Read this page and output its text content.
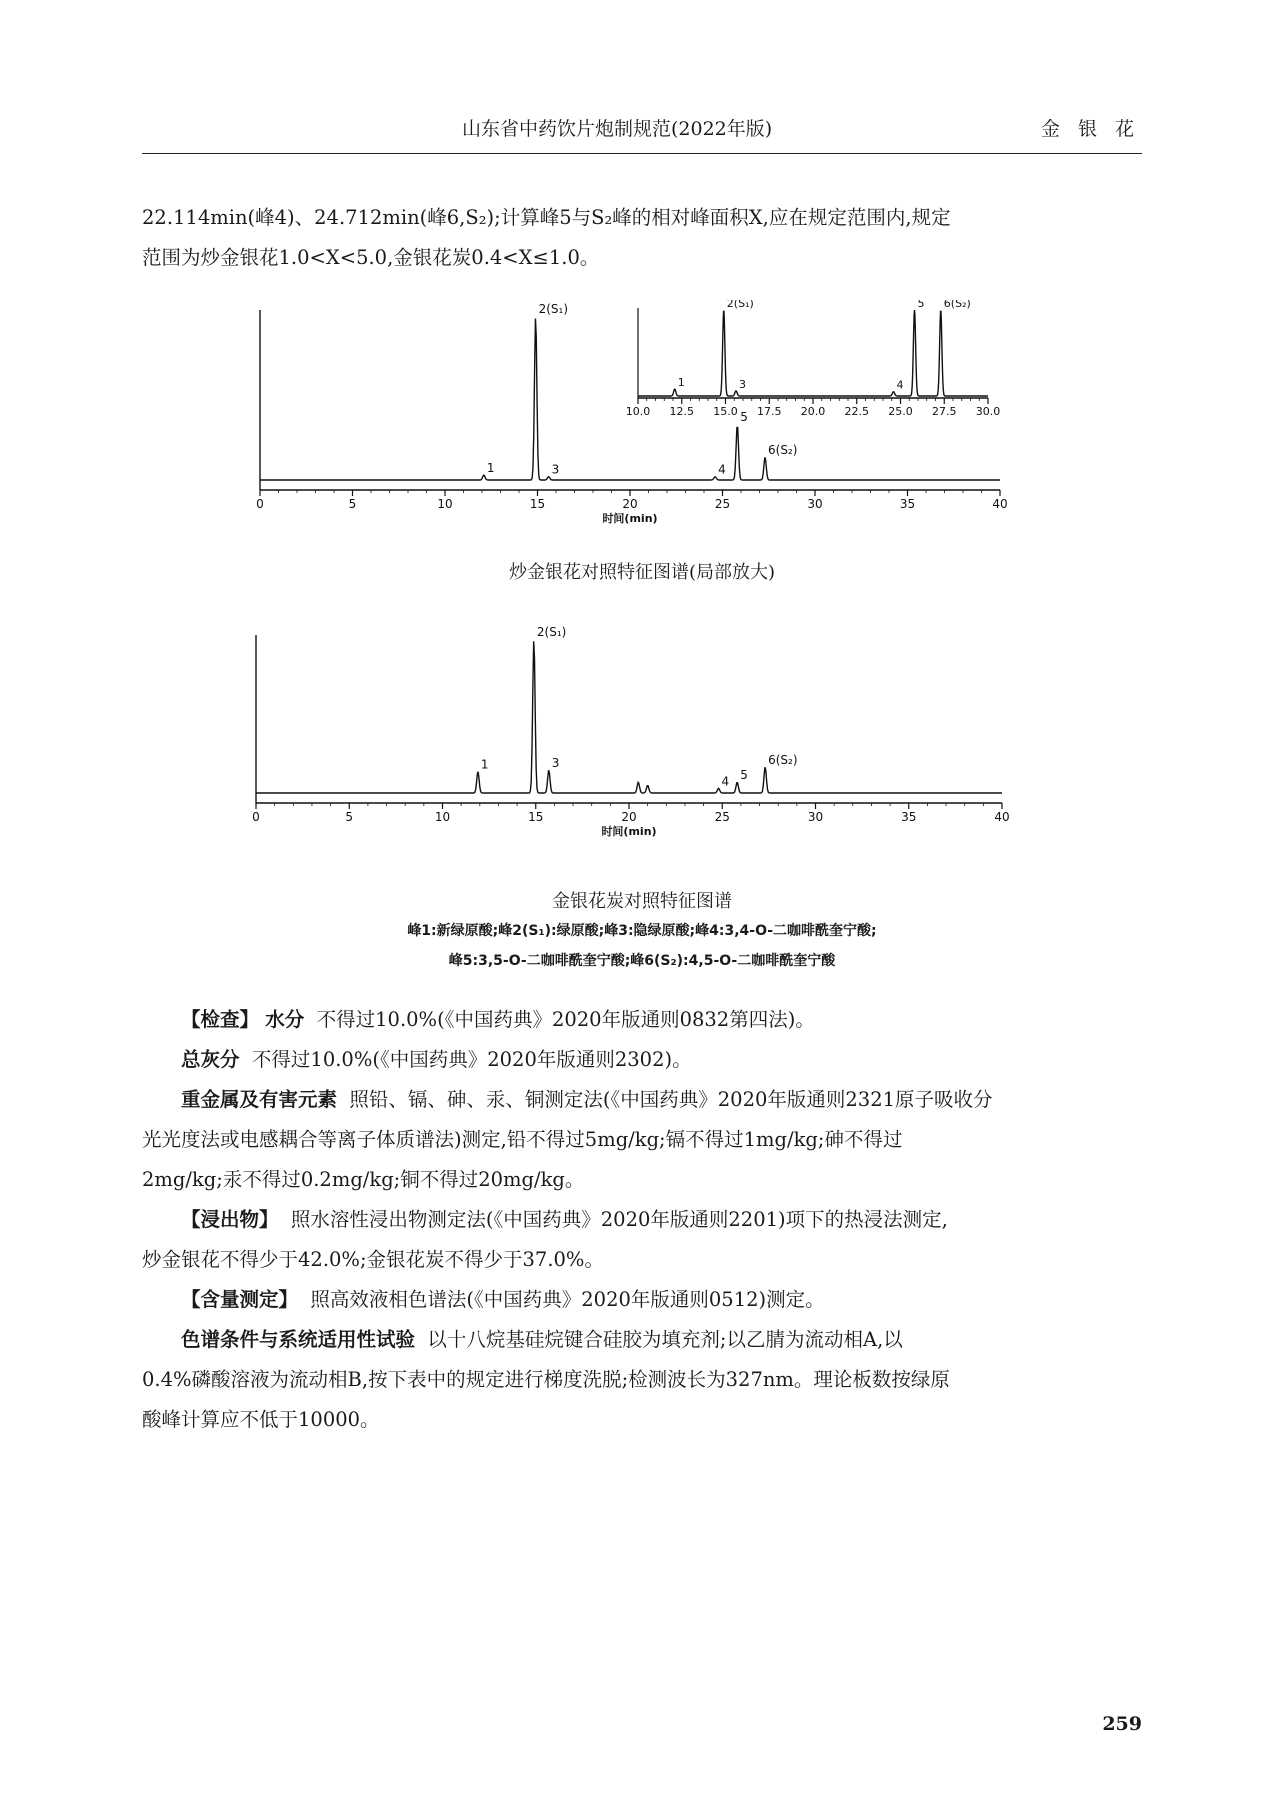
山东省中药饮片炮制规范(2022年版)	金 银 花

22.114min(峰4)、24.712min(峰6,S₂);计算峰5与S₂峰的相对峰面积X,应在规定范围内,规定

范围为炒金银花1.0<X<5.0,金银花炭0.4<X≤1.0。

1
2(S₁)
3	4
5
6(S₂)
0	5	10	15	20	25	30	35	40
时间(min)
1
2(S₁)
3	4
5 6(S₂)
10.0 12.5 15.0 17.5 20.0 22.5 25.0 27.5 30.0
炒金银花对照特征图谱(局部放大)
1
2(S₁)
3
4 5
6(S₂)
0	5	10	15	20	25	30	35	40
时间(min)
金银花炭对照特征图谱
峰1:新绿原酸;峰2(S₁):绿原酸;峰3:隐绿原酸;峰4:3,4-O-二咖啡酰奎宁酸;
峰5:3,5-O-二咖啡酰奎宁酸;峰6(S₂):4,5-O-二咖啡酰奎宁酸

【检查】 水分 不得过10.0%(《中国药典》2020年版通则0832第四法)。

总灰分 不得过10.0%(《中国药典》2020年版通则2302)。

重金属及有害元素 照铅、镉、砷、汞、铜测定法(《中国药典》2020年版通则2321原子吸收分

光光度法或电感耦合等离子体质谱法)测定,铅不得过5mg/kg;镉不得过1mg/kg;砷不得过

2mg/kg;汞不得过0.2mg/kg;铜不得过20mg/kg。

【浸出物】 照水溶性浸出物测定法(《中国药典》2020年版通则2201)项下的热浸法测定,

炒金银花不得少于42.0%;金银花炭不得少于37.0%。

【含量测定】 照高效液相色谱法(《中国药典》2020年版通则0512)测定。

色谱条件与系统适用性试验 以十八烷基硅烷键合硅胶为填充剂;以乙腈为流动相A,以

0.4%磷酸溶液为流动相B,按下表中的规定进行梯度洗脱;检测波长为327nm。理论板数按绿原

酸峰计算应不低于10000。

259
